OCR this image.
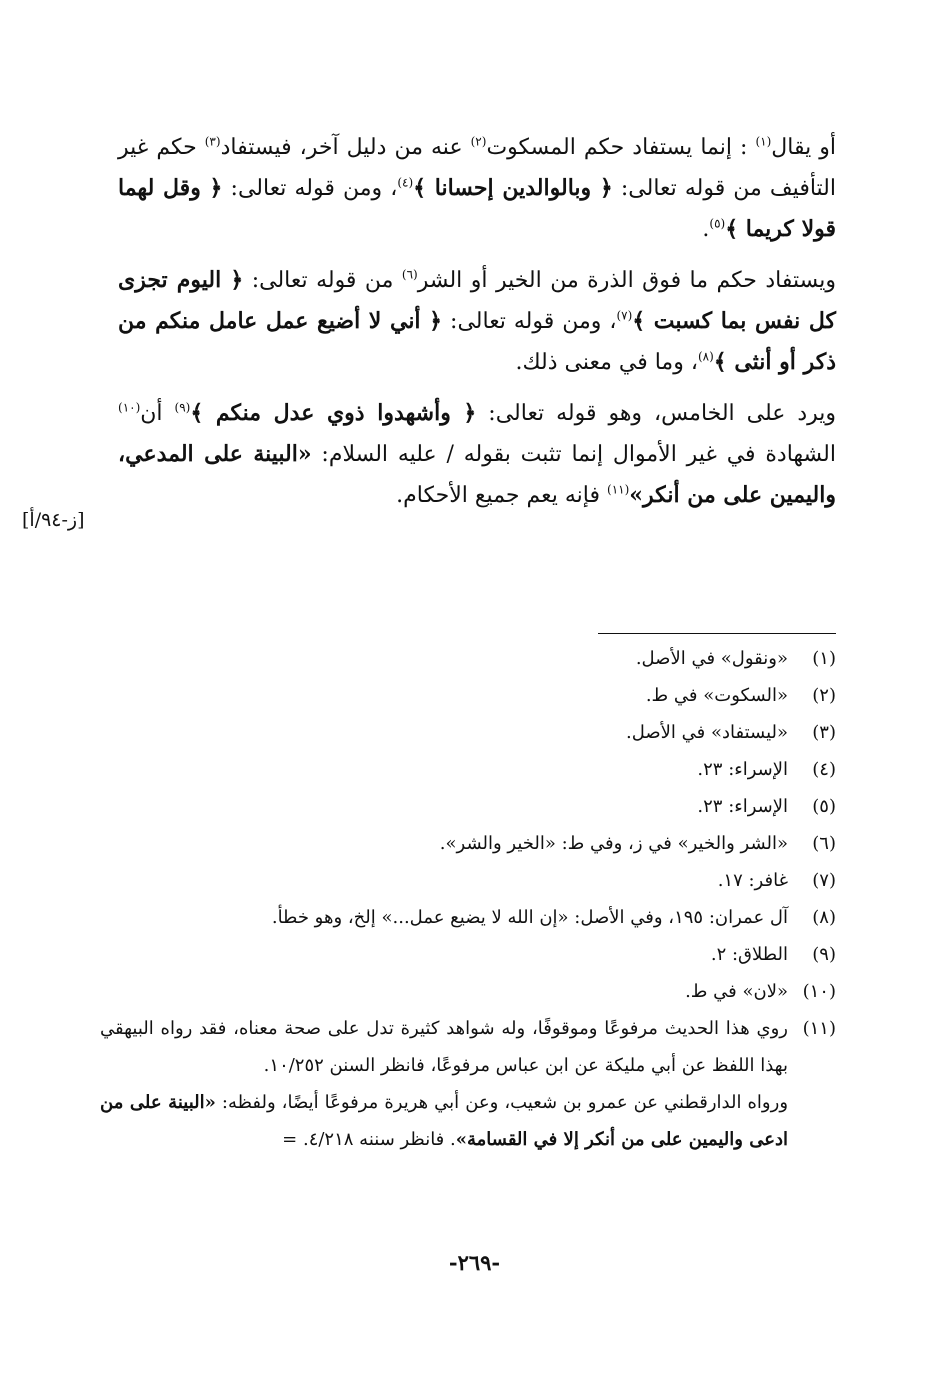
أو يقال$^{(١)}$ : إنما يستفاد حكم المسكوت$^{(٢)}$ عنه من دليل آخر، فيستفاد$^{(٣)}$ حكم غير التأفيف من قوله تعالى: ﴿ وبالوالدين إحسانا ﴾$^{(٤)}$، ومن قوله تعالى: ﴿ وقل لهما قولا كريما ﴾$^{(٥)}$.

ويستفاد حكم ما فوق الذرة من الخير أو الشر$^{(٦)}$ من قوله تعالى: ﴿ اليوم تجزى كل نفس بما كسبت ﴾$^{(٧)}$، ومن قوله تعالى: ﴿ أني لا أضيع عمل عامل منكم من ذكر أو أنثى ﴾$^{(٨)}$، وما في معنى ذلك.

ويرد على الخامس، وهو قوله تعالى: ﴿ وأشهدوا ذوي عدل منكم ﴾$^{(٩)}$ أن$^{(١٠)}$ الشهادة في غير الأموال إنما تثبت بقوله / عليه السلام: «البينة على المدعي، واليمين على من أنكر»$^{(١١)}$ فإنه يعم جميع الأحكام.

[ز-٩٤/أ]

(١)
«ونقول» في الأصل.

(٢)
«السكوت» في ط.

(٣)
«ليستفاد» في الأصل.

(٤)
الإسراء: ٢٣.

(٥)
الإسراء: ٢٣.

(٦)
«الشر والخير» في ز، وفي ط: «الخير والشر».

(٧)
غافر: ١٧.

(٨)
آل عمران: ١٩٥، وفي الأصل: «إن الله لا يضيع عمل...» إلخ، وهو خطأ.

(٩)
الطلاق: ٢.

(١٠)
«لان» في ط.

(١١)
روي هذا الحديث مرفوعًا وموقوفًا، وله شواهد كثيرة تدل على صحة معناه، فقد رواه البيهقي بهذا اللفظ عن أبي مليكة عن ابن عباس مرفوعًا، فانظر السنن ١٠/٢٥٢.

ورواه الدارقطني عن عمرو بن شعيب، وعن أبي هريرة مرفوعًا أيضًا، ولفظه: «البينة على من ادعى واليمين على من أنكر إلا في القسامة». فانظر سننه ٤/٢١٨. =

-٢٦٩-
